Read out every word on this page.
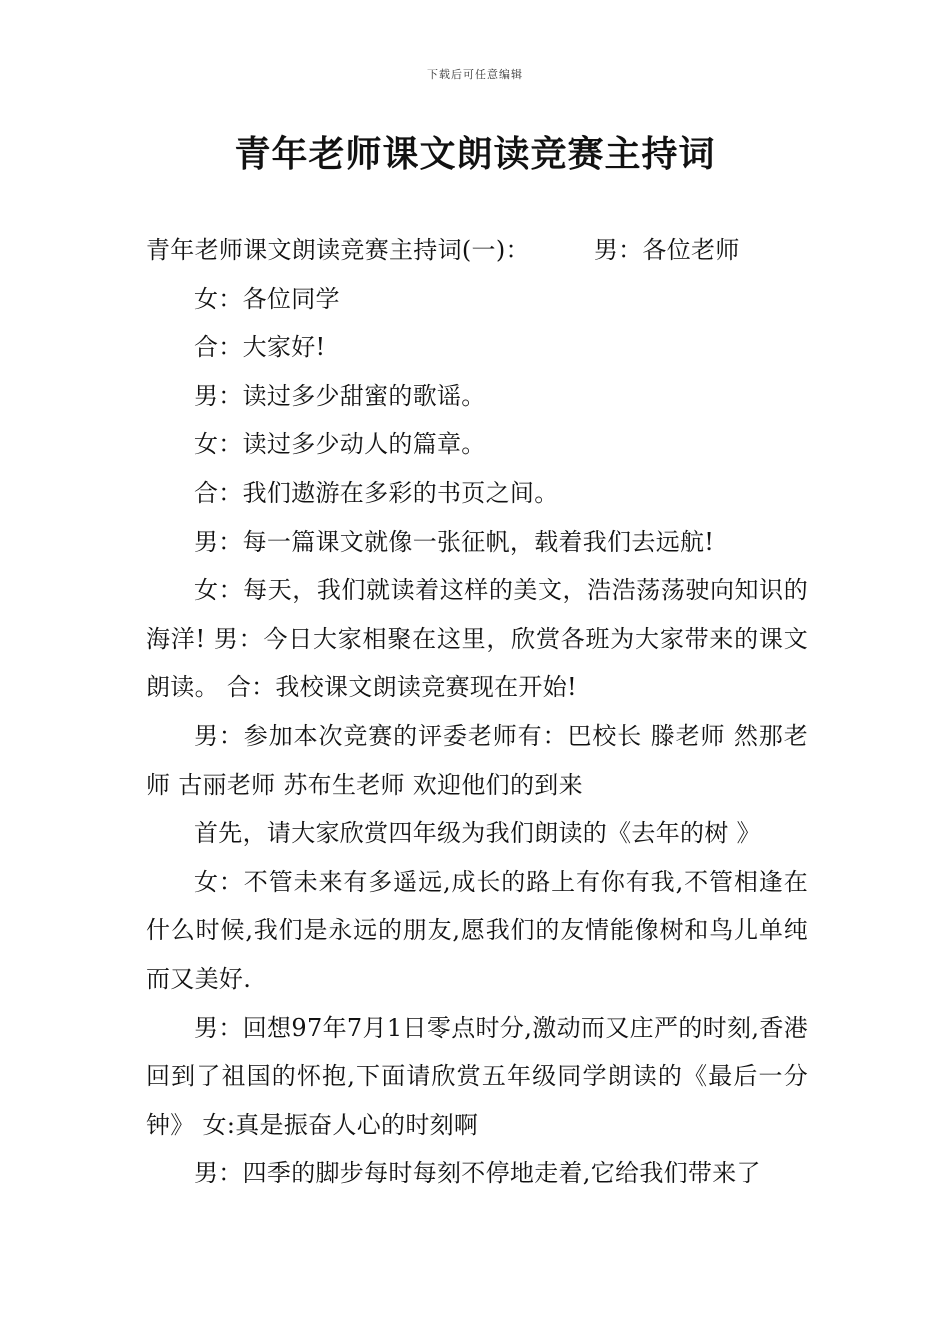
下载后可任意编辑
青年老师课文朗读竞赛主持词

青年老师课文朗读竞赛主持词(一)：	男：各位老师

女：各位同学

合：大家好!

男：读过多少甜蜜的歌谣。

女：读过多少动人的篇章。

合：我们遨游在多彩的书页之间。

男：每一篇课文就像一张征帆，载着我们去远航!

女：每天，我们就读着这样的美文，浩浩荡荡驶向知识的海洋! 男：今日大家相聚在这里，欣赏各班为大家带来的课文朗读。 合：我校课文朗读竞赛现在开始!

男：参加本次竞赛的评委老师有：巴校长 滕老师 然那老师 古丽老师 苏布生老师 欢迎他们的到来

首先，请大家欣赏四年级为我们朗读的《去年的树 》

女：不管未来有多遥远,成长的路上有你有我,不管相逢在什么时候,我们是永远的朋友,愿我们的友情能像树和鸟儿单纯而又美好.

男：回想97年7月1日零点时分,激动而又庄严的时刻,香港回到了祖国的怀抱,下面请欣赏五年级同学朗读的《最后一分钟》 女:真是振奋人心的时刻啊

男：四季的脚步每时每刻不停地走着,它给我们带来了
